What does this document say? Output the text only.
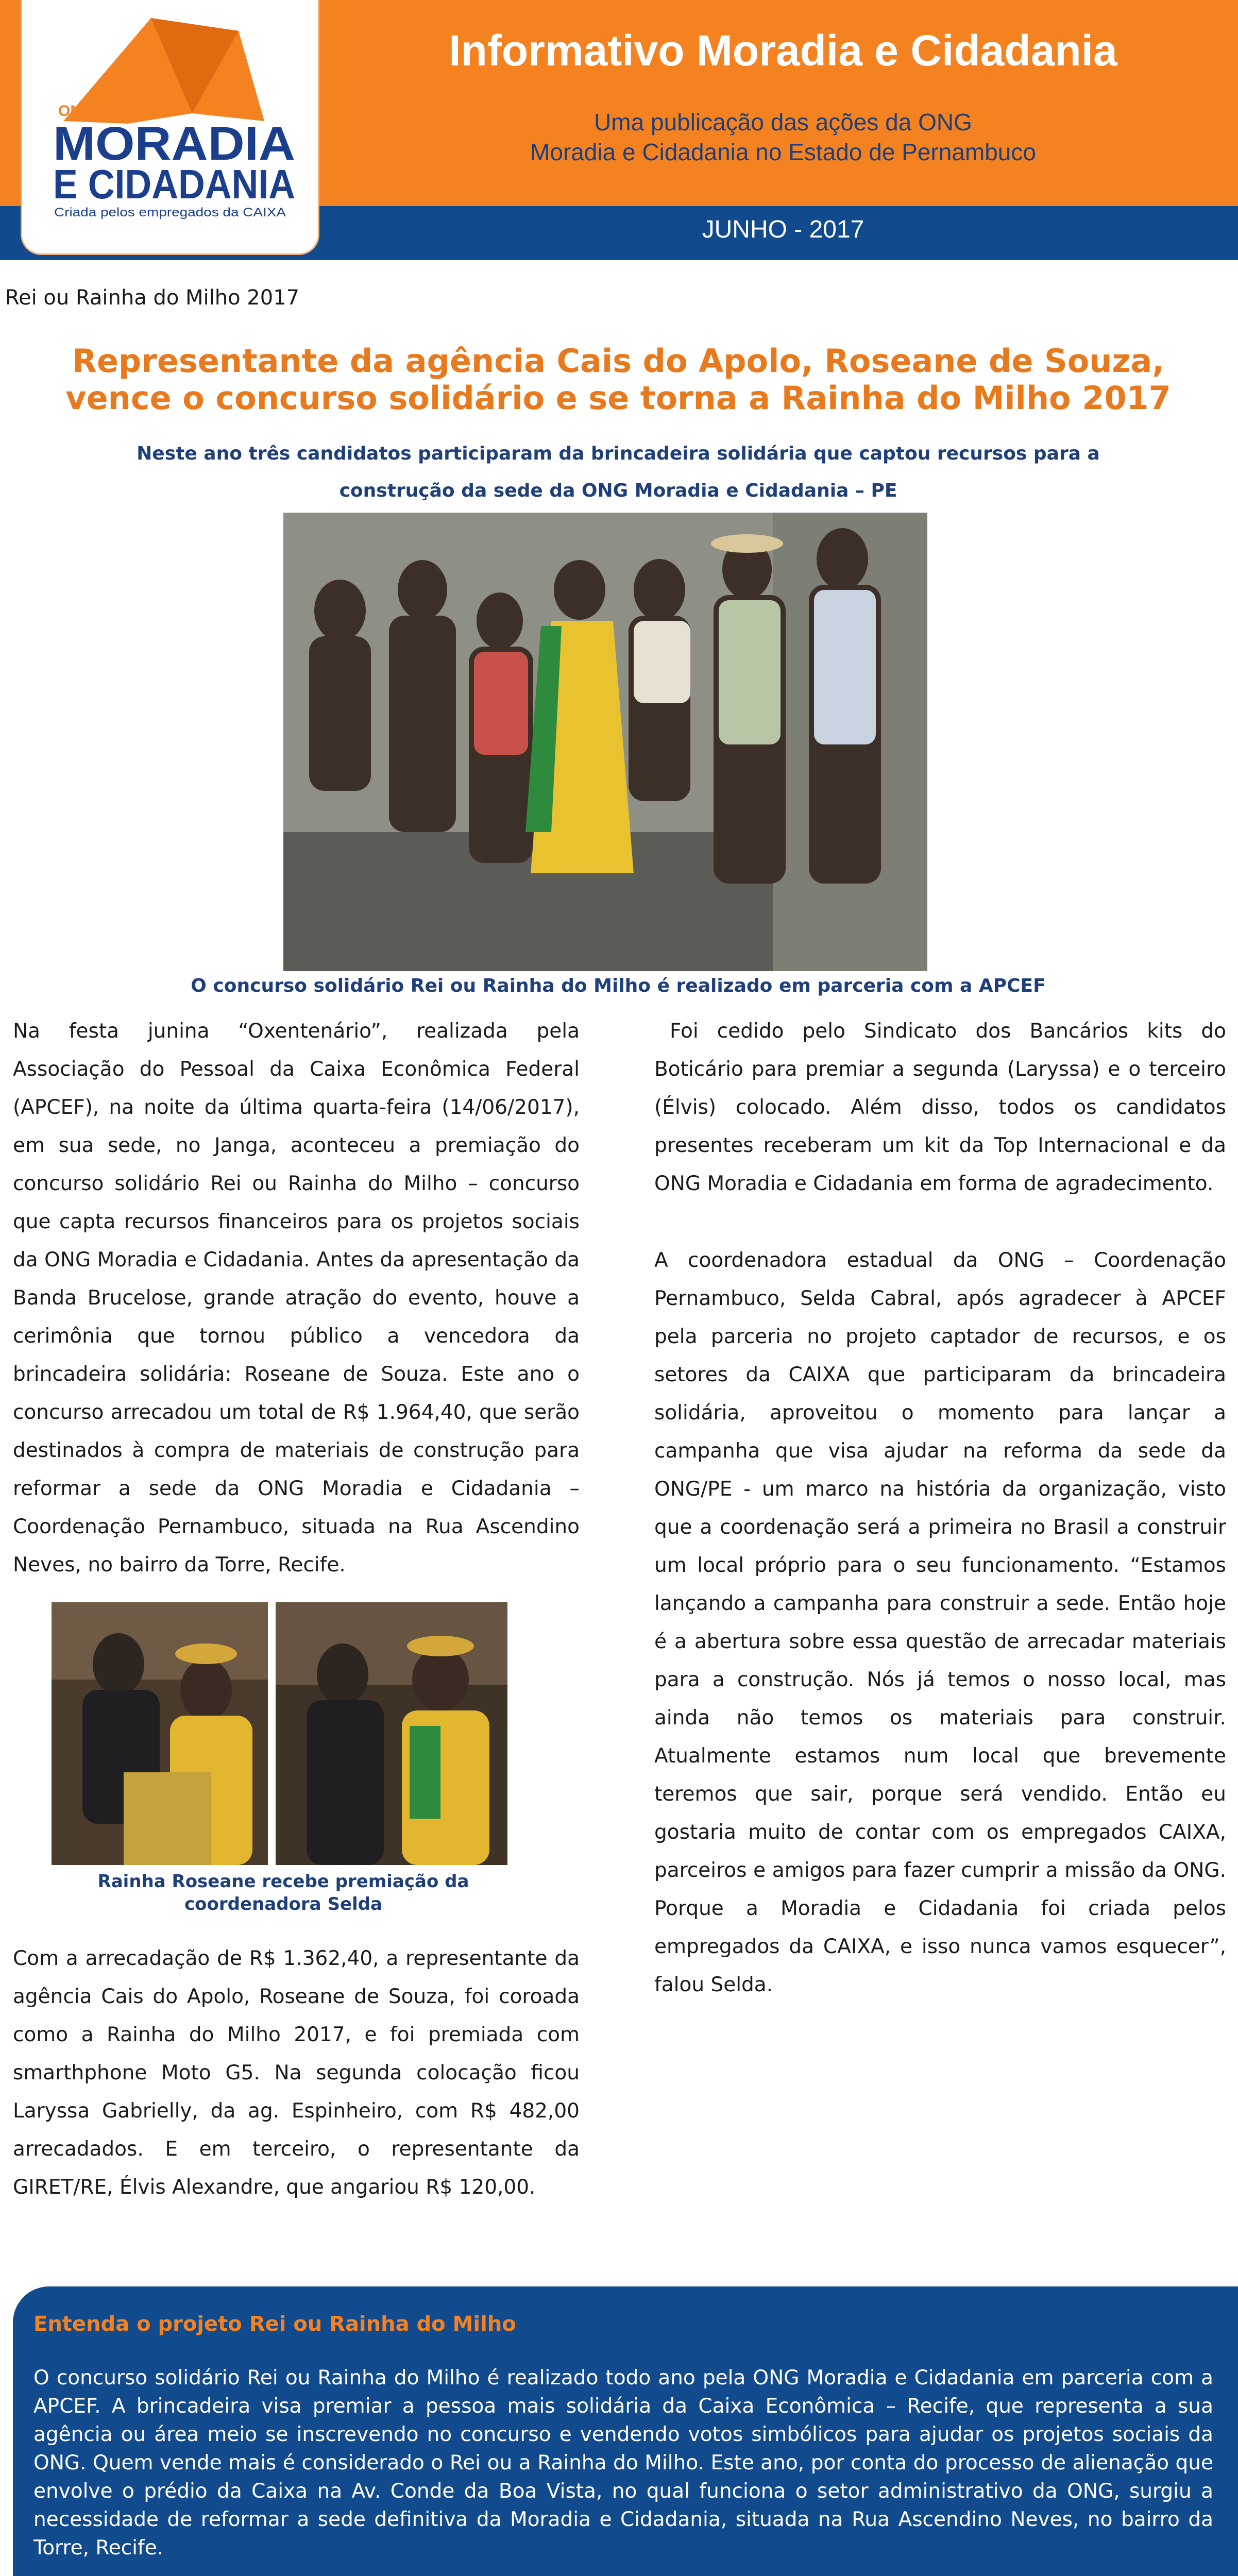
ONG
MORADIA
E CIDADANIA
Criada pelos empregados da CAIXA
Informativo Moradia e Cidadania
Uma publicação das ações da ONG
Moradia e Cidadania no Estado de Pernambuco
JUNHO - 2017
Rei ou Rainha do Milho 2017
Representante da agência Cais do Apolo, Roseane de Souza, vence o concurso solidário e se torna a Rainha do Milho 2017
Neste ano três candidatos participaram da brincadeira solidária que captou recursos para a construção da sede da ONG Moradia e Cidadania – PE
O concurso solidário Rei ou Rainha do Milho é realizado em parceria com a APCEF
Na festa junina “Oxentenário”, realizada pela Associação do Pessoal da Caixa Econômica Federal (APCEF), na noite da última quarta-feira (14/06/2017), em sua sede, no Janga, aconteceu a premiação do concurso solidário Rei ou Rainha do Milho – concurso que capta recursos financeiros para os projetos sociais da ONG Moradia e Cidadania. Antes da apresentação da Banda Brucelose, grande atração do evento, houve a cerimônia que tornou público a vencedora da brincadeira solidária: Roseane de Souza. Este ano o concurso arrecadou um total de R$ 1.964,40, que serão destinados à compra de materiais de construção para reformar a sede da ONG Moradia e Cidadania – Coordenação Pernambuco, situada na Rua Ascendino Neves, no bairro da Torre, Recife.
Rainha Roseane recebe premiação da coordenadora Selda
Com a arrecadação de R$ 1.362,40, a representante da agência Cais do Apolo, Roseane de Souza, foi coroada como a Rainha do Milho 2017, e foi premiada com smarthphone Moto G5. Na segunda colocação ficou Laryssa Gabrielly, da ag. Espinheiro, com R$ 482,00 arrecadados. E em terceiro, o representante da GIRET/RE, Élvis Alexandre, que angariou R$ 120,00.
Foi cedido pelo Sindicato dos Bancários kits do Boticário para premiar a segunda (Laryssa) e o terceiro (Élvis) colocado. Além disso, todos os candidatos presentes receberam um kit da Top Internacional e da ONG Moradia e Cidadania em forma de agradecimento.
A coordenadora estadual da ONG – Coordenação Pernambuco, Selda Cabral, após agradecer à APCEF pela parceria no projeto captador de recursos, e os setores da CAIXA que participaram da brincadeira solidária, aproveitou o momento para lançar a campanha que visa ajudar na reforma da sede da ONG/PE - um marco na história da organização, visto que a coordenação será a primeira no Brasil a construir um local próprio para o seu funcionamento. “Estamos lançando a campanha para construir a sede. Então hoje é a abertura sobre essa questão de arrecadar materiais para a construção. Nós já temos o nosso local, mas ainda não temos os materiais para construir. Atualmente estamos num local que brevemente teremos que sair, porque será vendido. Então eu gostaria muito de contar com os empregados CAIXA, parceiros e amigos para fazer cumprir a missão da ONG. Porque a Moradia e Cidadania foi criada pelos empregados da CAIXA, e isso nunca vamos esquecer”, falou Selda.
Entenda o projeto Rei ou Rainha do Milho
O concurso solidário Rei ou Rainha do Milho é realizado todo ano pela ONG Moradia e Cidadania em parceria com a APCEF. A brincadeira visa premiar a pessoa mais solidária da Caixa Econômica – Recife, que representa a sua agência ou área meio se inscrevendo no concurso e vendendo votos simbólicos para ajudar os projetos sociais da ONG. Quem vende mais é considerado o Rei ou a Rainha do Milho. Este ano, por conta do processo de alienação que envolve o prédio da Caixa na Av. Conde da Boa Vista, no qual funciona o setor administrativo da ONG, surgiu a necessidade de reformar a sede definitiva da Moradia e Cidadania, situada na Rua Ascendino Neves, no bairro da Torre, Recife.
